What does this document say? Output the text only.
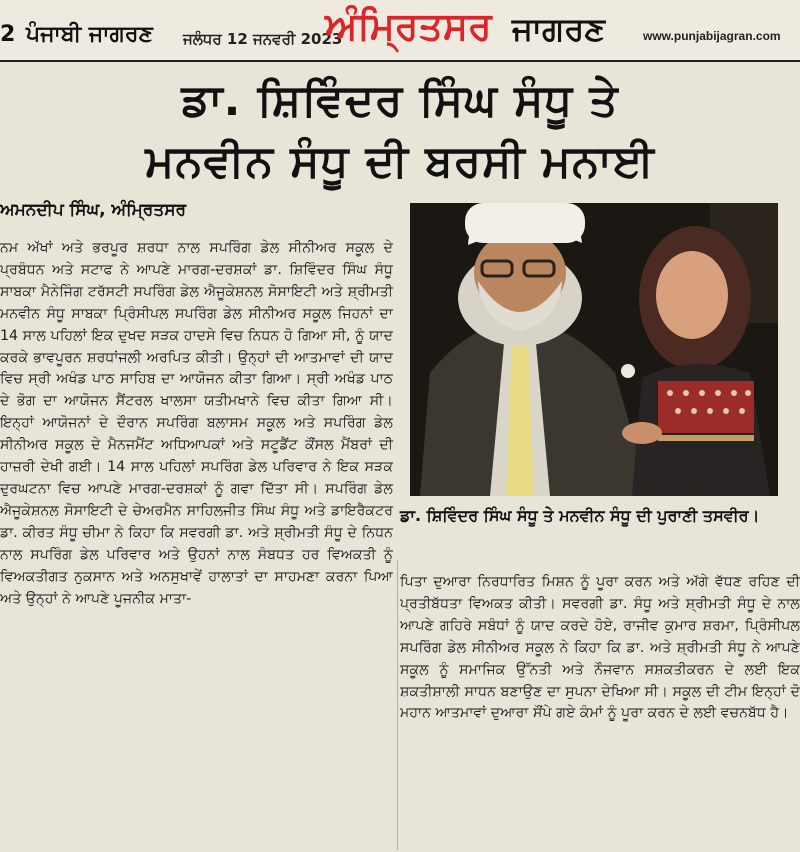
2 ਪੰਜਾਬੀ ਜਾਗਰਣ ਜਲੰਧਰ 12 ਜਨਵਰੀ 2023
ਅੰਮ੍ਰਿਤਸਰ ਜਾਗਰਣ	www.punjabijagran.com
ਡਾ. ਸ਼ਿਵਿੰਦਰ ਸਿੰਘ ਸੰਧੂ ਤੇ
ਮਨਵੀਨ ਸੰਧੂ ਦੀ ਬਰਸੀ ਮਨਾਈ
ਅਮਨਦੀਪ ਸਿੰਘ, ਅੰਮ੍ਰਿਤਸਰ
ਨਮ ਅੱਖਾਂ ਅਤੇ ਭਰਪੂਰ ਸ਼ਰਧਾ ਨਾਲ ਸਪਰਿੰਗ ਡੇਲ ਸੀਨੀਅਰ ਸਕੂਲ ਦੇ ਪ੍ਰਬੰਧਨ ਅਤੇ ਸਟਾਫ ਨੇ ਆਪਣੇ ਮਾਰਗ-ਦਰਸ਼ਕਾਂ ਡਾ. ਸ਼ਿਵਿੰਦਰ ਸਿੰਘ ਸੰਧੂ ਸਾਬਕਾ ਮੈਨੇਜਿੰਗ ਟਰੱਸਟੀ ਸਪਰਿੰਗ ਡੇਲ ਐਜੂਕੇਸ਼ਨਲ ਸੋਸਾਇਟੀ ਅਤੇ ਸ਼੍ਰੀਮਤੀ ਮਨਵੀਨ ਸੰਧੂ ਸਾਬਕਾ ਪ੍ਰਿੰਸੀਪਲ ਸਪਰਿੰਗ ਡੇਲ ਸੀਨੀਅਰ ਸਕੂਲ ਜਿਹਨਾਂ ਦਾ 14 ਸਾਲ ਪਹਿਲਾਂ ਇਕ ਦੁਖਦ ਸੜਕ ਹਾਦਸੇ ਵਿਚ ਨਿਧਨ ਹੋ ਗਿਆ ਸੀ, ਨੂੰ ਯਾਦ ਕਰਕੇ ਭਾਵਪੂਰਨ ਸ਼ਰਧਾਂਜਲੀ ਅਰਪਿਤ ਕੀਤੀ। ਉਨ੍ਹਾਂ ਦੀ ਆਤਮਾਵਾਂ ਦੀ ਯਾਦ ਵਿਚ ਸ੍ਰੀ ਅਖੰਡ ਪਾਠ ਸਾਹਿਬ ਦਾ ਆਯੋਜਨ ਕੀਤਾ ਗਿਆ। ਸ੍ਰੀ ਅਖੰਡ ਪਾਠ ਦੇ ਭੋਗ ਦਾ ਆਯੋਜਨ ਸੈਂਟਰਲ ਖਾਲਸਾ ਯਤੀਮਖਾਨੇ ਵਿਚ ਕੀਤਾ ਗਿਆ ਸੀ। ਇਨ੍ਹਾਂ ਆਯੋਜਨਾਂ ਦੇ ਦੌਰਾਨ ਸਪਰਿੰਗ ਬਲਾਸਮ ਸਕੂਲ ਅਤੇ ਸਪਰਿੰਗ ਡੇਲ ਸੀਨੀਅਰ ਸਕੂਲ ਦੇ ਮੈਨਜਮੈਂਟ ਅਧਿਆਪਕਾਂ ਅਤੇ ਸਟੂਡੈਂਟ ਕੌਂਸਲ ਮੈਂਬਰਾਂ ਦੀ ਹਾਜ਼ਰੀ ਦੇਖੀ ਗਈ। 14 ਸਾਲ ਪਹਿਲਾਂ ਸਪਰਿੰਗ ਡੇਲ ਪਰਿਵਾਰ ਨੇ ਇਕ ਸੜਕ ਦੁਰਘਟਨਾ ਵਿਚ ਆਪਣੇ ਮਾਰਗ-ਦਰਸ਼ਕਾਂ ਨੂੰ ਗਵਾ ਦਿੱਤਾ ਸੀ। ਸਪਰਿੰਗ ਡੇਲ ਐਜੂਕੇਸ਼ਨਲ ਸੋਸਾਇਟੀ ਦੇ ਚੇਅਰਮੈਨ ਸਾਹਿਲਜੀਤ ਸਿੰਘ ਸੰਧੂ ਅਤੇ ਡਾਇਰੈਕਟਰ ਡਾ. ਕੀਰਤ ਸੰਧੂ ਚੀਮਾ ਨੇ ਕਿਹਾ ਕਿ ਸਵਰਗੀ ਡਾ. ਅਤੇ ਸ਼੍ਰੀਮਤੀ ਸੰਧੂ ਦੇ ਨਿਧਨ ਨਾਲ ਸਪਰਿੰਗ ਡੇਲ ਪਰਿਵਾਰ ਅਤੇ ਉਹਨਾਂ ਨਾਲ ਸੰਬਧਤ ਹਰ ਵਿਅਕਤੀ ਨੂੰ ਵਿਅਕਤੀਗਤ ਨੁਕਸਾਨ ਅਤੇ ਅਨਸੁਖਾਵੇਂ ਹਾਲਾਤਾਂ ਦਾ ਸਾਹਮਣਾ ਕਰਨਾ ਪਿਆ ਅਤੇ ਉਨ੍ਹਾਂ ਨੇ ਆਪਣੇ ਪੂਜਨੀਕ ਮਾਤਾ-
ਡਾ. ਸ਼ਿਵਿੰਦਰ ਸਿੰਘ ਸੰਧੂ ਤੇ ਮਨਵੀਨ ਸੰਧੂ ਦੀ ਪੁਰਾਣੀ ਤਸਵੀਰ।
ਪਿਤਾ ਦੁਆਰਾ ਨਿਰਧਾਰਿਤ ਮਿਸ਼ਨ ਨੂੰ ਪੂਰਾ ਕਰਨ ਅਤੇ ਅੱਗੇ ਵੱਧਣ ਰਹਿਣ ਦੀ ਪ੍ਰਤੀਬੱਧਤਾ ਵਿਅਕਤ ਕੀਤੀ। ਸਵਰਗੀ ਡਾ. ਸੰਧੂ ਅਤੇ ਸ਼੍ਰੀਮਤੀ ਸੰਧੂ ਦੇ ਨਾਲ ਆਪਣੇ ਗਹਿਰੇ ਸਬੰਧਾਂ ਨੂੰ ਯਾਦ ਕਰਦੇ ਹੋਏ, ਰਾਜੀਵ ਕੁਮਾਰ ਸ਼ਰਮਾ, ਪ੍ਰਿੰਸੀਪਲ ਸਪਰਿੰਗ ਡੇਲ ਸੀਨੀਅਰ ਸਕੂਲ ਨੇ ਕਿਹਾ ਕਿ ਡਾ. ਅਤੇ ਸ਼੍ਰੀਮਤੀ ਸੰਧੂ ਨੇ ਆਪਣੇ ਸਕੂਲ ਨੂੰ ਸਮਾਜਿਕ ਉੱਨਤੀ ਅਤੇ ਨੌਜਵਾਨ ਸਸ਼ਕਤੀਕਰਨ ਦੇ ਲਈ ਇਕ ਸ਼ਕਤੀਸ਼ਾਲੀ ਸਾਧਨ ਬਣਾਉਣ ਦਾ ਸੁਪਨਾ ਦੇਖਿਆ ਸੀ। ਸਕੂਲ ਦੀ ਟੀਮ ਇਨ੍ਹਾਂ ਦੋ ਮਹਾਨ ਆਤਮਾਵਾਂ ਦੁਆਰਾ ਸੌਂਪੇ ਗਏ ਕੰਮਾਂ ਨੂੰ ਪੂਰਾ ਕਰਨ ਦੇ ਲਈ ਵਚਨਬੱਧ ਹੈ।
